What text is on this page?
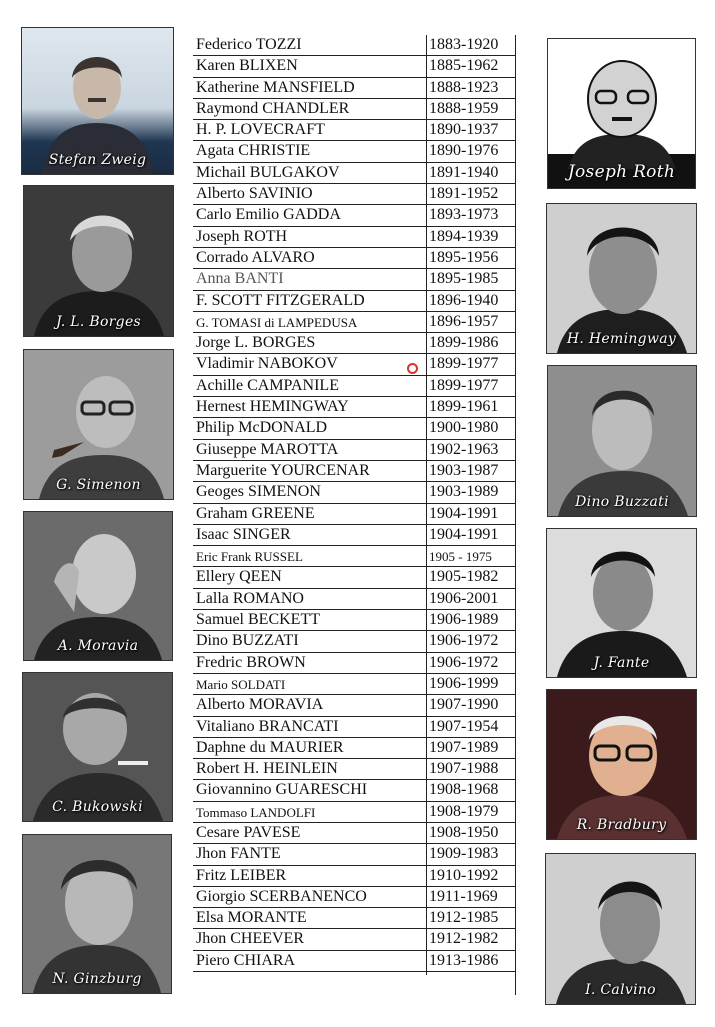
Stefan Zweig
J. L. Borges
G. Simenon
A. Moravia
C. Bukowski
N. Ginzburg
Joseph Roth
H. Hemingway
Dino Buzzati
J. Fante
R. Bradbury
I. Calvino
Federico TOZZI	1883-1920
Karen BLIXEN	1885-1962
Katherine MANSFIELD	1888-1923
Raymond CHANDLER	1888-1959
H. P. LOVECRAFT	1890-1937
Agata CHRISTIE	1890-1976
Michail BULGAKOV	1891-1940
Alberto SAVINIO	1891-1952
Carlo Emilio GADDA	1893-1973
Joseph ROTH	1894-1939
Corrado ALVARO	1895-1956
Anna BANTI	1895-1985
F. SCOTT FITZGERALD	1896-1940
G. TOMASI di LAMPEDUSA	1896-1957
Jorge L. BORGES	1899-1986
Vladimir NABOKOV	1899-1977
Achille CAMPANILE	1899-1977
Hernest HEMINGWAY	1899-1961
Philip McDONALD	1900-1980
Giuseppe MAROTTA	1902-1963
Marguerite YOURCENAR	1903-1987
Geoges SIMENON	1903-1989
Graham GREENE	1904-1991
Isaac SINGER	1904-1991
Eric Frank RUSSEL	1905 - 1975
Ellery QEEN	1905-1982
Lalla ROMANO	1906-2001
Samuel BECKETT	1906-1989
Dino BUZZATI	1906-1972
Fredric BROWN	1906-1972
Mario SOLDATI	1906-1999
Alberto MORAVIA	1907-1990
Vitaliano BRANCATI	1907-1954
Daphne du MAURIER	1907-1989
Robert H. HEINLEIN	1907-1988
Giovannino GUARESCHI	1908-1968
Tommaso LANDOLFI	1908-1979
Cesare PAVESE	1908-1950
Jhon FANTE	1909-1983
Fritz LEIBER	1910-1992
Giorgio SCERBANENCO	1911-1969
Elsa MORANTE	1912-1985
Jhon CHEEVER	1912-1982
Piero CHIARA	1913-1986
